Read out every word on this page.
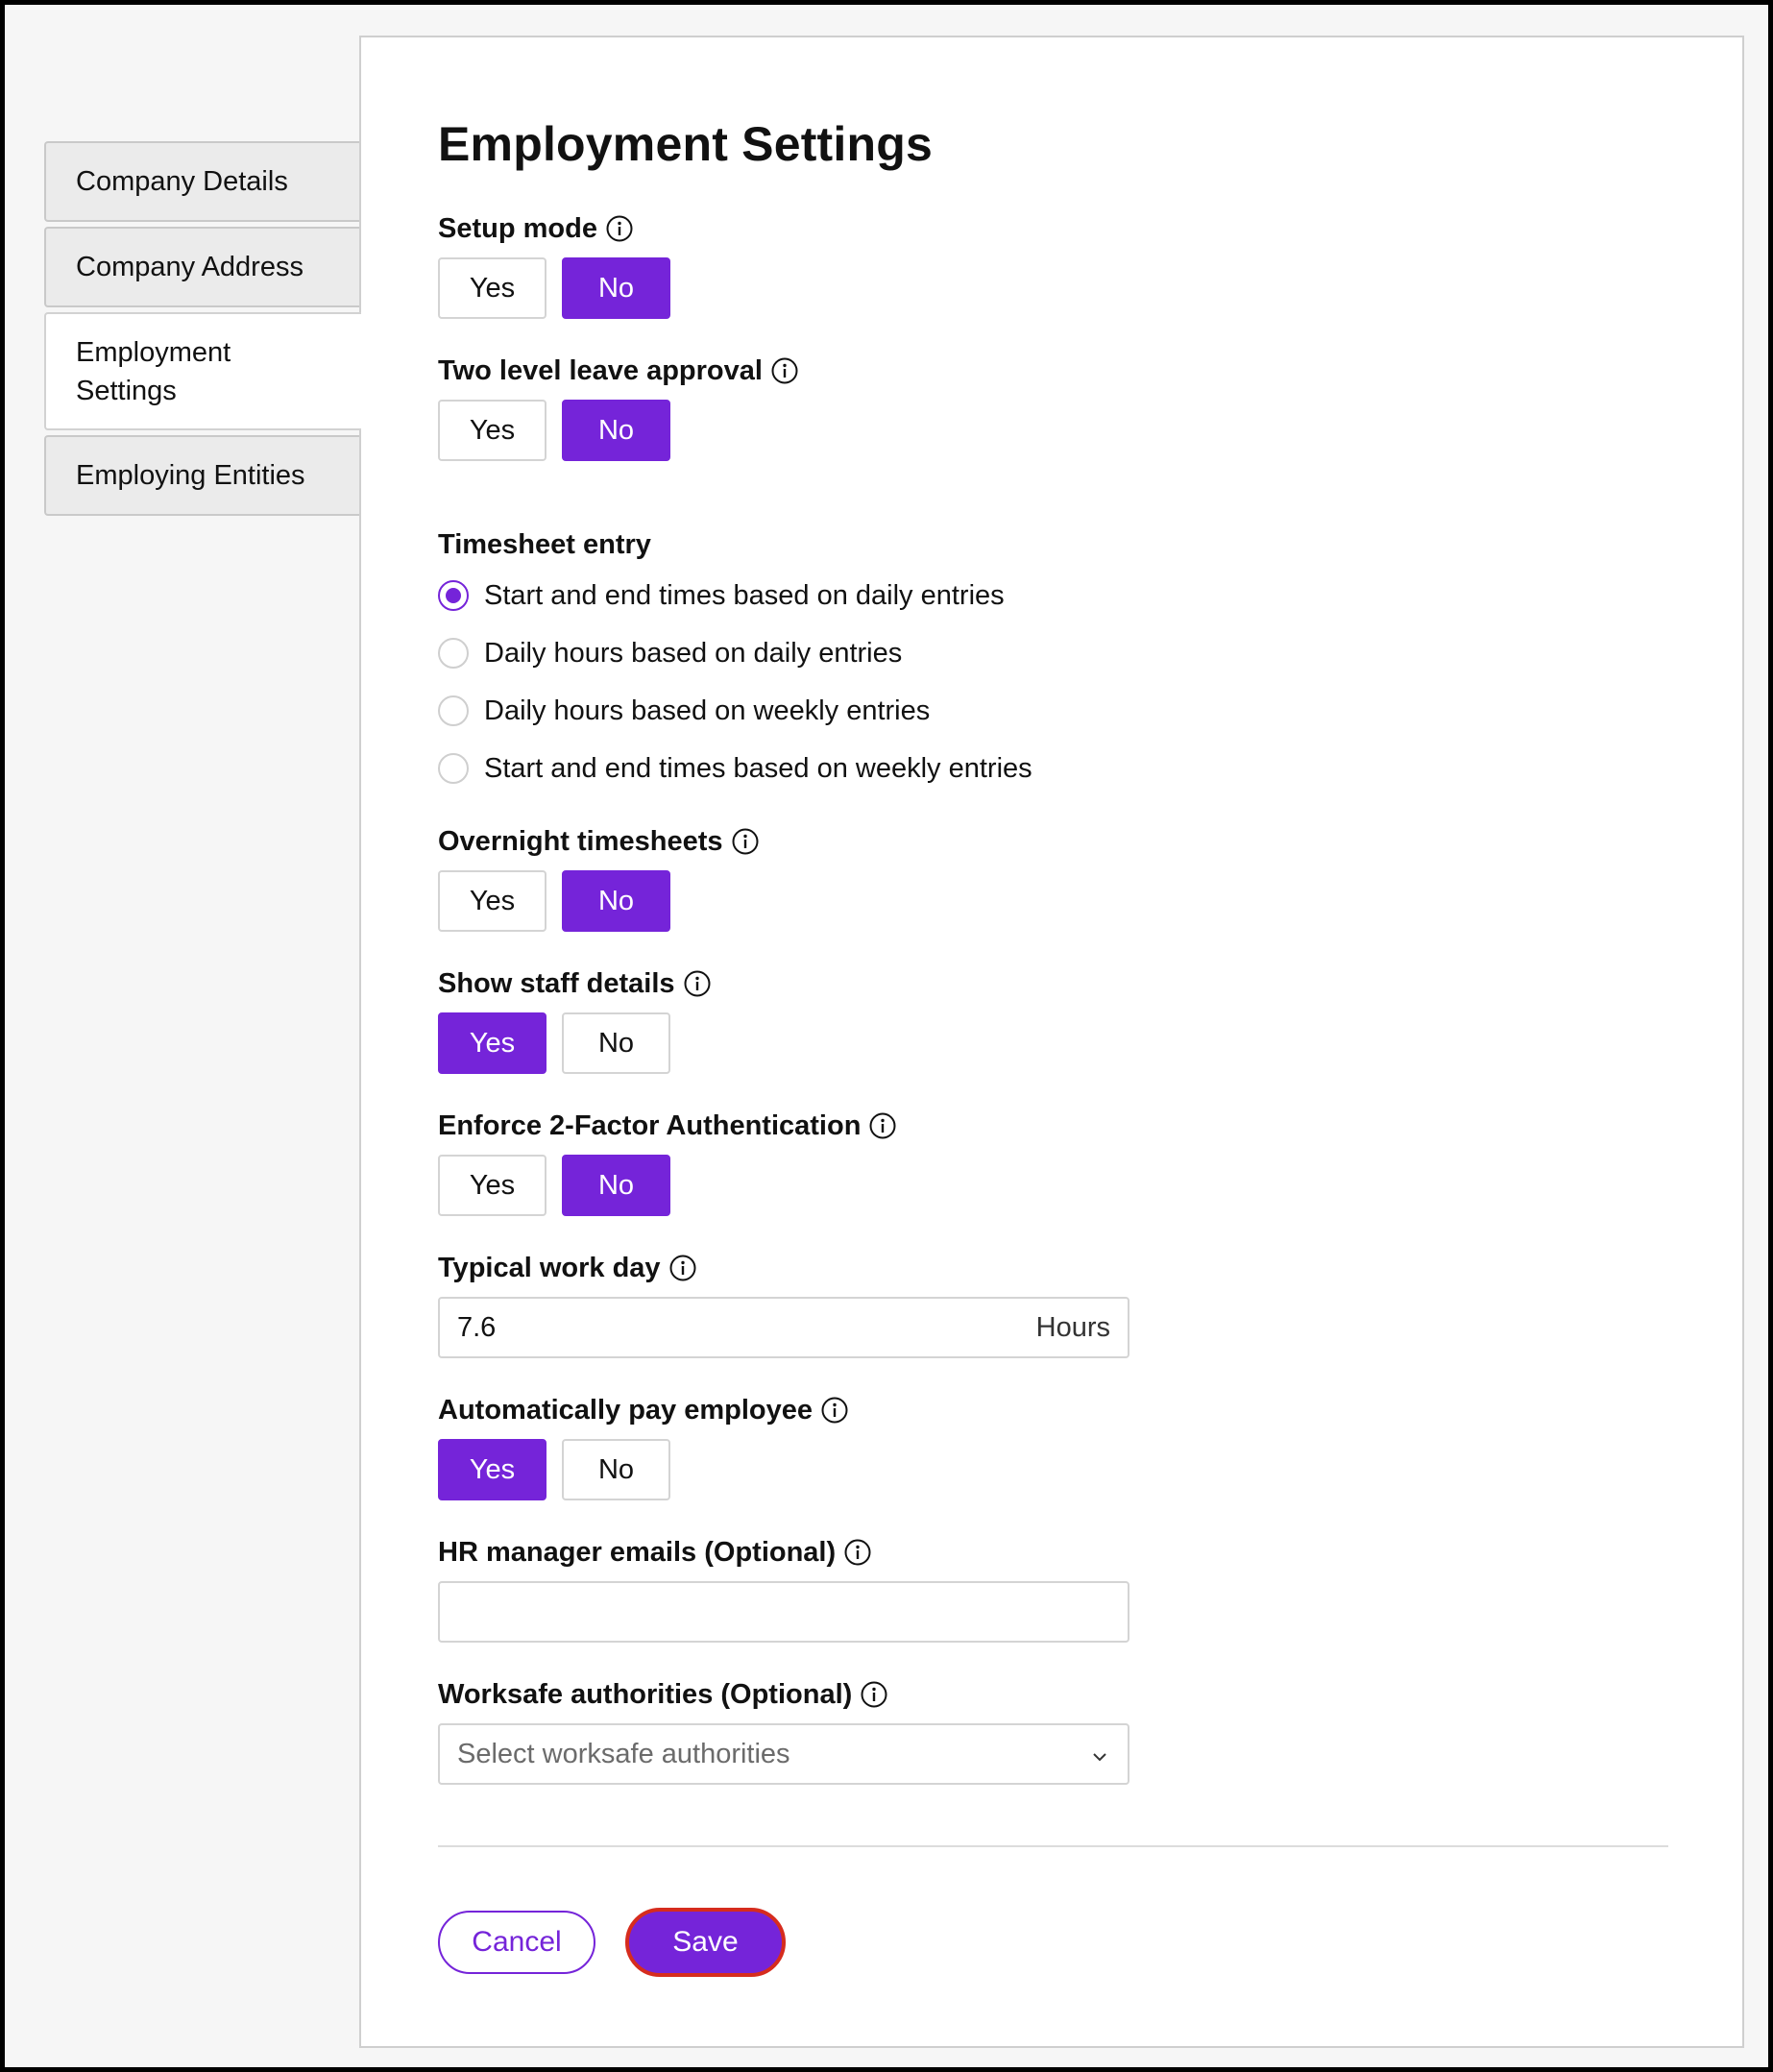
Company Details
Company Address
Employment
Settings
Employing Entities
Employment Settings
Setup mode
Yes	No
Two level leave approval
Yes	No
Timesheet entry
Start and end times based on daily entries
Daily hours based on daily entries
Daily hours based on weekly entries
Start and end times based on weekly entries
Overnight timesheets
Yes	No
Show staff details
Yes	No
Enforce 2-Factor Authentication
Yes	No
Typical work day
7.6	Hours
Automatically pay employee
Yes	No
HR manager emails (Optional)
Worksafe authorities (Optional)
Select worksafe authorities
Cancel	Save
